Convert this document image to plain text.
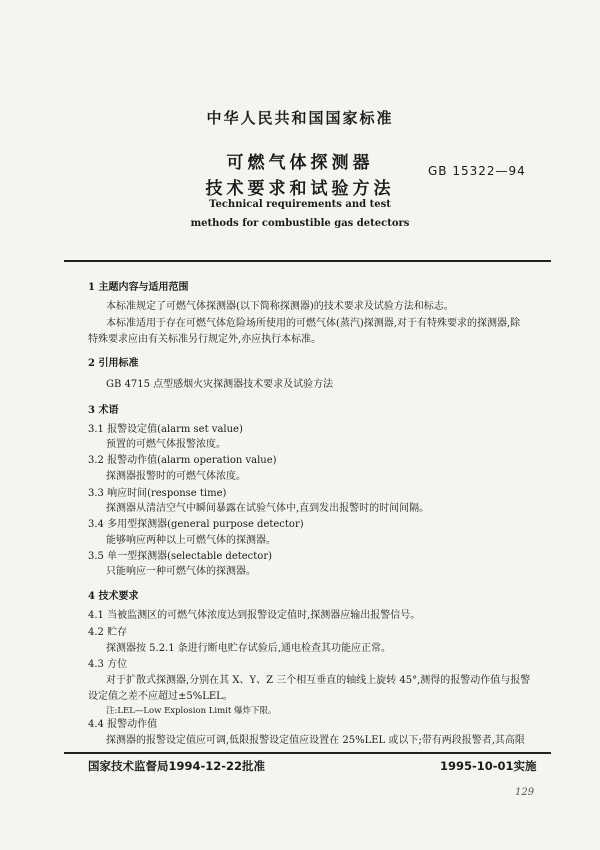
中华人民共和国国家标准
可燃气体探测器
技术要求和试验方法
GB 15322—94
Technical requirements and test
methods for combustible gas detectors
1 主题内容与适用范围
本标准规定了可燃气体探测器(以下简称探测器)的技术要求及试验方法和标志。
本标准适用于存在可燃气体危险场所使用的可燃气体(蒸汽)探测器,对于有特殊要求的探测器,除
特殊要求应由有关标准另行规定外,亦应执行本标准。
2 引用标准
GB 4715 点型感烟火灾探测器技术要求及试验方法
3 术语
3.1 报警设定值(alarm set value)
预置的可燃气体报警浓度。
3.2 报警动作值(alarm operation value)
探测器报警时的可燃气体浓度。
3.3 响应时间(response time)
探测器从清洁空气中瞬间暴露在试验气体中,直到发出报警时的时间间隔。
3.4 多用型探测器(general purpose detector)
能够响应两种以上可燃气体的探测器。
3.5 单一型探测器(selectable detector)
只能响应一种可燃气体的探测器。
4 技术要求
4.1 当被监测区的可燃气体浓度达到报警设定值时,探测器应输出报警信号。
4.2 贮存
探测器按 5.2.1 条进行断电贮存试验后,通电检查其功能应正常。
4.3 方位
对于扩散式探测器,分别在其 X、Y、Z 三个相互垂直的轴线上旋转 45°,测得的报警动作值与报警
设定值之差不应超过±5%LEL。
注:LEL—Low Explosion Limit 爆炸下限。
4.4 报警动作值
探测器的报警设定值应可调,低限报警设定值应设置在 25%LEL 或以下;带有两段报警者,其高限
国家技术监督局1994-12-22批准	1995-10-01实施
129
